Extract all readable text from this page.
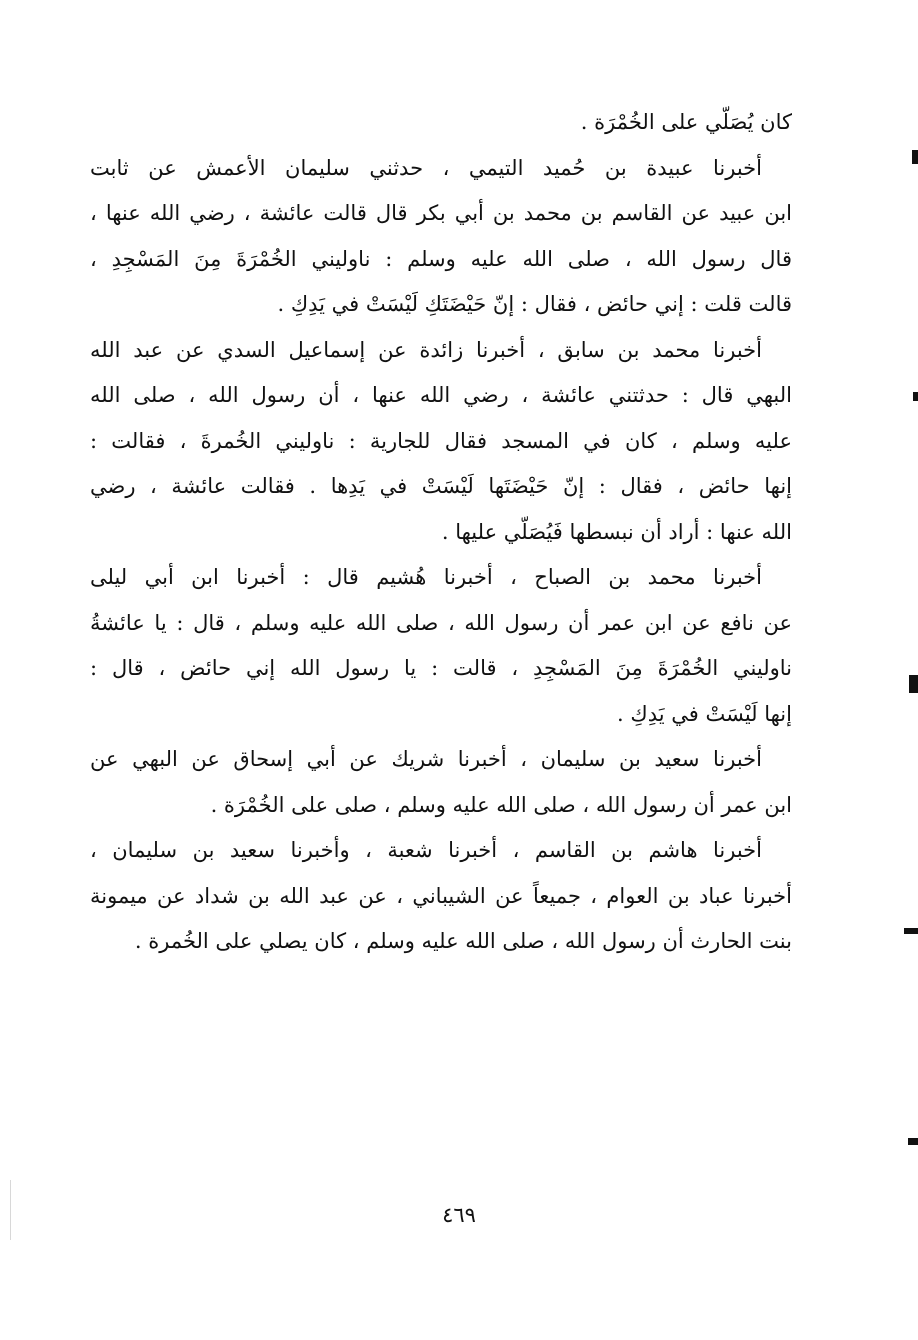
كان يُصَلّي على الخُمْرَة .
أخبرنا عبيدة بن حُميد التيمي ، حدثني سليمان الأعمش عن ثابت
ابن عبيد عن القاسم بن محمد بن أبي بكر قال قالت عائشة ، رضي الله عنها ،
قال رسول الله ، صلى الله عليه وسلم : ناوليني الخُمْرَةَ مِنَ المَسْجِدِ ،
قالت قلت : إني حائض ، فقال : إنّ حَيْضَتَكِ لَيْسَتْ في يَدِكِ .
أخبرنا محمد بن سابق ، أخبرنا زائدة عن إسماعيل السدي عن عبد الله
البهي قال : حدثتني عائشة ، رضي الله عنها ، أن رسول الله ، صلى الله
عليه وسلم ، كان في المسجد فقال للجارية : ناوليني الخُمرةَ ، فقالت :
إنها حائض ، فقال : إنّ حَيْضَتَها لَيْسَتْ في يَدِها . فقالت عائشة ، رضي
الله عنها : أراد أن نبسطها فَيُصَلّي عليها .
أخبرنا محمد بن الصباح ، أخبرنا هُشيم قال : أخبرنا ابن أبي ليلى
عن نافع عن ابن عمر أن رسول الله ، صلى الله عليه وسلم ، قال : يا عائشةُ
ناوليني الخُمْرَةَ مِنَ المَسْجِدِ ، قالت : يا رسول الله إني حائض ، قال :
إنها لَيْسَتْ في يَدِكِ .
أخبرنا سعيد بن سليمان ، أخبرنا شريك عن أبي إسحاق عن البهي عن
ابن عمر أن رسول الله ، صلى الله عليه وسلم ، صلى على الخُمْرَة .
أخبرنا هاشم بن القاسم ، أخبرنا شعبة ، وأخبرنا سعيد بن سليمان ،
أخبرنا عباد بن العوام ، جميعاً عن الشيباني ، عن عبد الله بن شداد عن ميمونة
بنت الحارث أن رسول الله ، صلى الله عليه وسلم ، كان يصلي على الخُمرة .
٤٦٩
